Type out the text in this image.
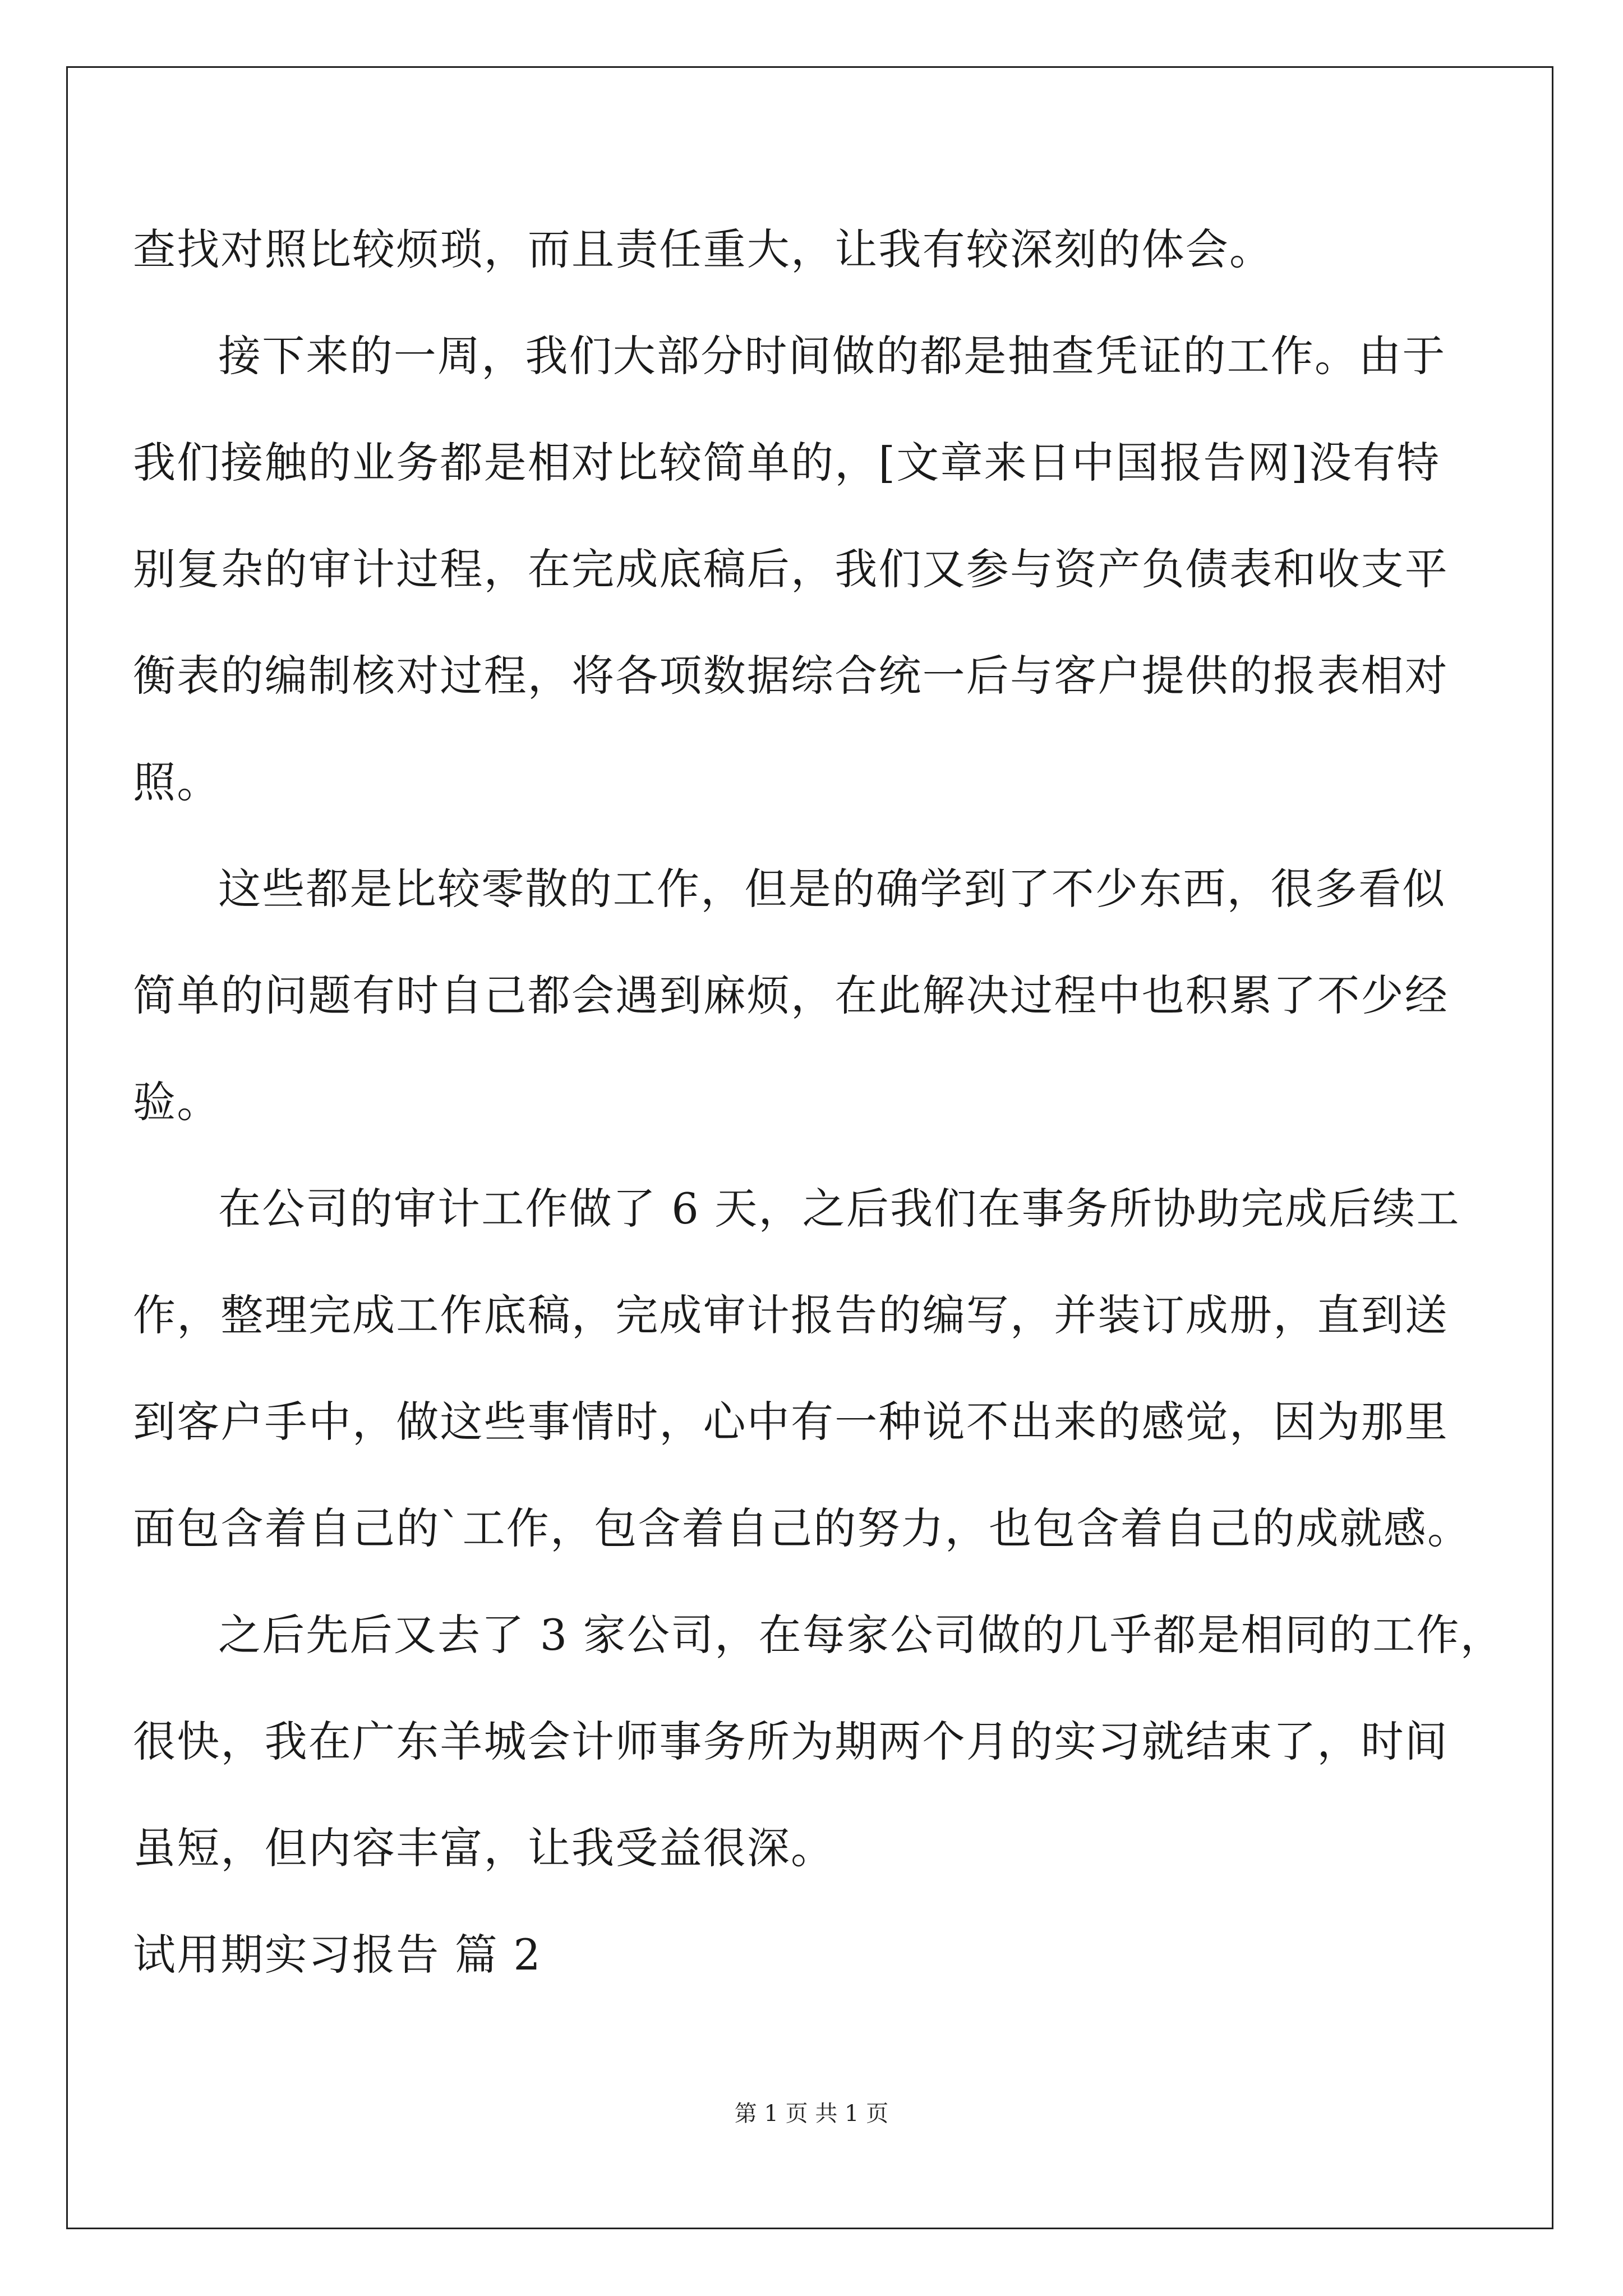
查找对照比较烦琐，而且责任重大，让我有较深刻的体会。
接下来的一周，我们大部分时间做的都是抽查凭证的工作。由于
我们接触的业务都是相对比较简单的，[文章来日中国报告网]没有特
别复杂的审计过程，在完成底稿后，我们又参与资产负债表和收支平
衡表的编制核对过程，将各项数据综合统一后与客户提供的报表相对
照。
这些都是比较零散的工作，但是的确学到了不少东西，很多看似
简单的问题有时自己都会遇到麻烦，在此解决过程中也积累了不少经
验。
在公司的审计工作做了 6 天，之后我们在事务所协助完成后续工
作，整理完成工作底稿，完成审计报告的编写，并装订成册，直到送
到客户手中，做这些事情时，心中有一种说不出来的感觉，因为那里
面包含着自己的`工作，包含着自己的努力，也包含着自己的成就感。
之后先后又去了 3 家公司，在每家公司做的几乎都是相同的工作，
很快，我在广东羊城会计师事务所为期两个月的实习就结束了，时间
虽短，但内容丰富，让我受益很深。
试用期实习报告 篇 2
第 1 页 共 1 页
